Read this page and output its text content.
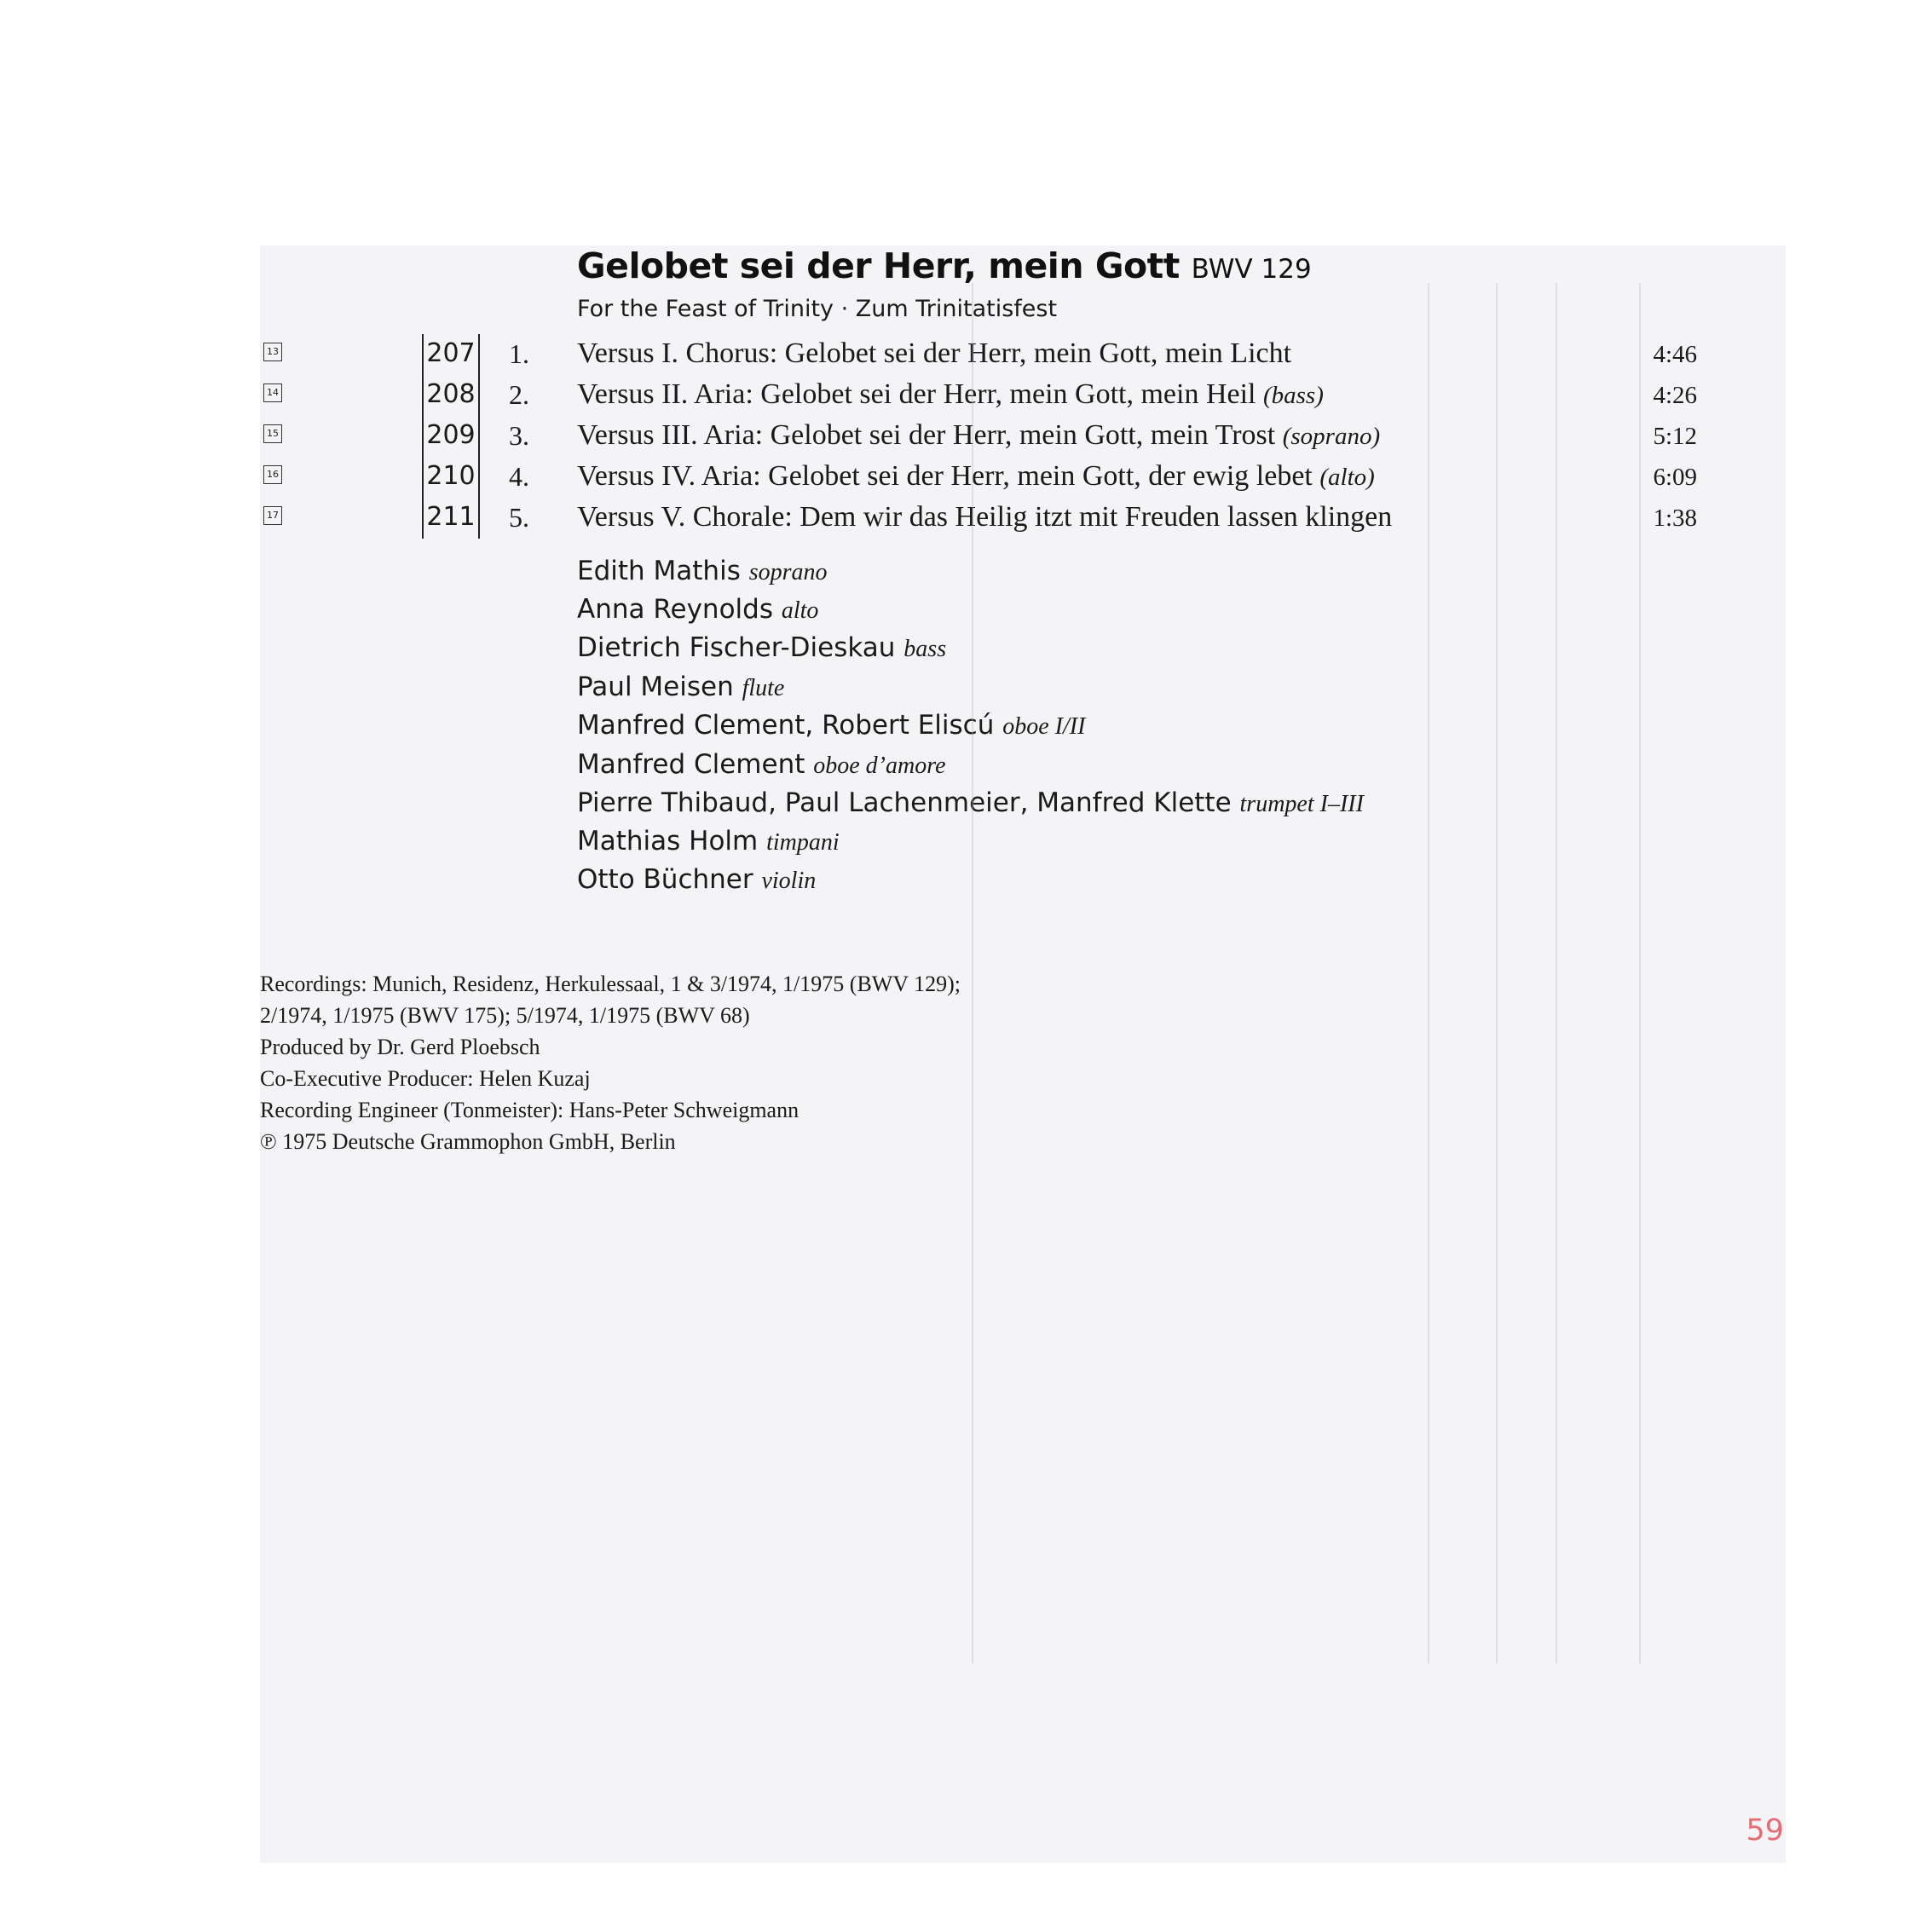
Gelobet sei der Herr, mein Gott BWV 129
For the Feast of Trinity · Zum Trinitatisfest
13	207 1. Versus I. Chorus: Gelobet sei der Herr, mein Gott, mein Licht	4:46
14	208 2. Versus II. Aria: Gelobet sei der Herr, mein Gott, mein Heil (bass)	4:26
15	209 3. Versus III. Aria: Gelobet sei der Herr, mein Gott, mein Trost (soprano)	5:12
16	210 4. Versus IV. Aria: Gelobet sei der Herr, mein Gott, der ewig lebet (alto)	6:09
17	211 5. Versus V. Chorale: Dem wir das Heilig itzt mit Freuden lassen klingen	1:38
Edith Mathis soprano
Anna Reynolds alto
Dietrich Fischer-Dieskau bass
Paul Meisen flute
Manfred Clement, Robert Eliscú oboe I/II
Manfred Clement oboe d’amore
Pierre Thibaud, Paul Lachenmeier, Manfred Klette trumpet I–III
Mathias Holm timpani
Otto Büchner violin
Recordings: Munich, Residenz, Herkulessaal, 1 & 3/1974, 1/1975 (BWV 129);
2/1974, 1/1975 (BWV 175); 5/1974, 1/1975 (BWV 68)
Produced by Dr. Gerd Ploebsch
Co-Executive Producer: Helen Kuzaj
Recording Engineer (Tonmeister): Hans-Peter Schweigmann
℗ 1975 Deutsche Grammophon GmbH, Berlin
59
